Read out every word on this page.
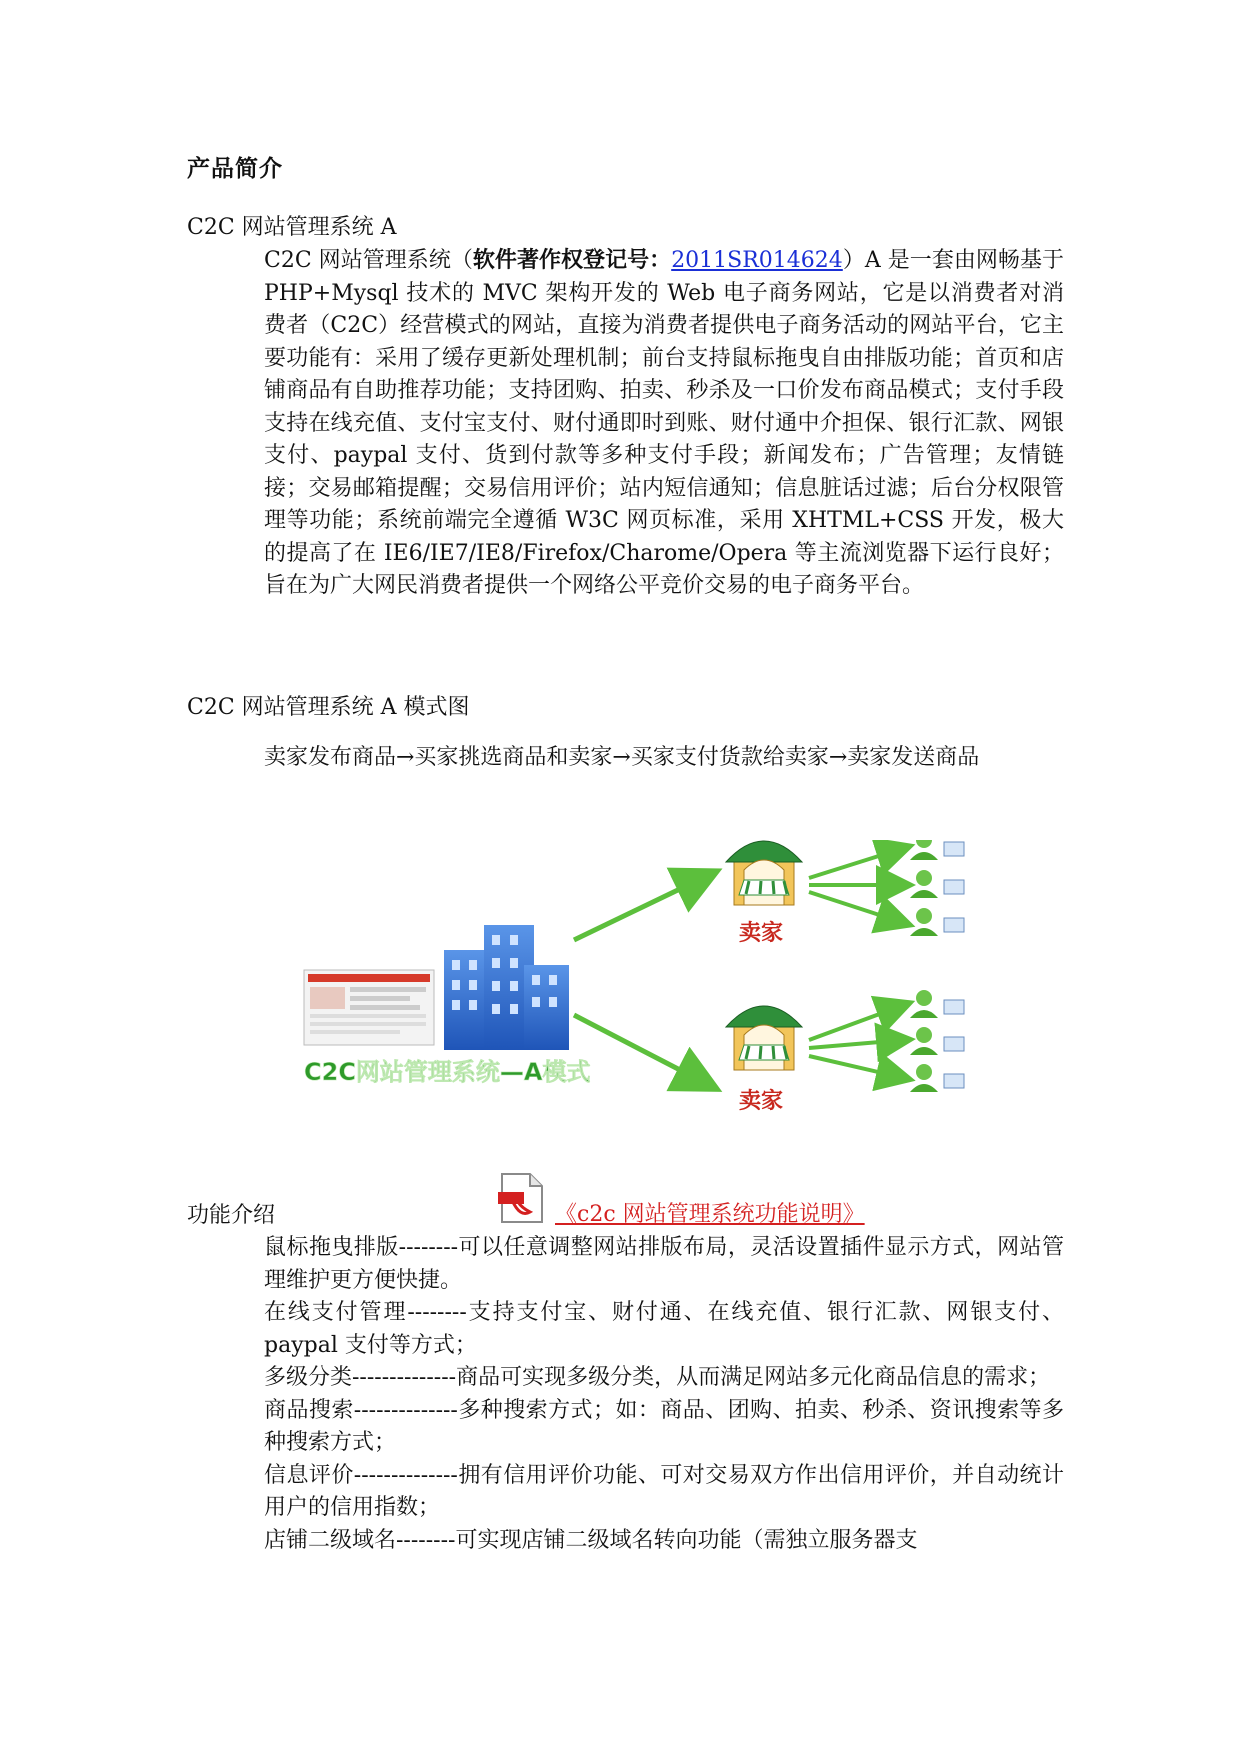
产品简介
C2C 网站管理系统 A
C2C 网站管理系统（软件著作权登记号：2011SR014624）A 是一套由网畅基于 PHP+Mysql 技术的 MVC 架构开发的 Web 电子商务网站，它是以消费者对消费者（C2C）经营模式的网站，直接为消费者提供电子商务活动的网站平台，它主要功能有：采用了缓存更新处理机制；前台支持鼠标拖曳自由排版功能；首页和店铺商品有自助推荐功能；支持团购、拍卖、秒杀及一口价发布商品模式；支付手段支持在线充值、支付宝支付、财付通即时到账、财付通中介担保、银行汇款、网银支付、paypal 支付、货到付款等多种支付手段；新闻发布；广告管理；友情链接；交易邮箱提醒；交易信用评价；站内短信通知；信息脏话过滤；后台分权限管理等功能；系统前端完全遵循 W3C 网页标准，采用 XHTML+CSS 开发，极大的提高了在 IE6/IE7/IE8/Firefox/Charome/Opera 等主流浏览器下运行良好；旨在为广大网民消费者提供一个网络公平竞价交易的电子商务平台。
C2C 网站管理系统 A 模式图
卖家发布商品→买家挑选商品和卖家→买家支付货款给卖家→卖家发送商品
C2C网站管理系统—A模式
卖家
卖家
功能介绍	《c2c 网站管理系统功能说明》
鼠标拖曳排版--------可以任意调整网站排版布局，灵活设置插件显示方式，网站管理维护更方便快捷。
在线支付管理--------支持支付宝、财付通、在线充值、银行汇款、网银支付、paypal 支付等方式；
多级分类--------------商品可实现多级分类，从而满足网站多元化商品信息的需求；
商品搜索--------------多种搜索方式；如：商品、团购、拍卖、秒杀、资讯搜索等多种搜索方式；
信息评价--------------拥有信用评价功能、可对交易双方作出信用评价，并自动统计用户的信用指数；
店铺二级域名--------可实现店铺二级域名转向功能（需独立服务器支
